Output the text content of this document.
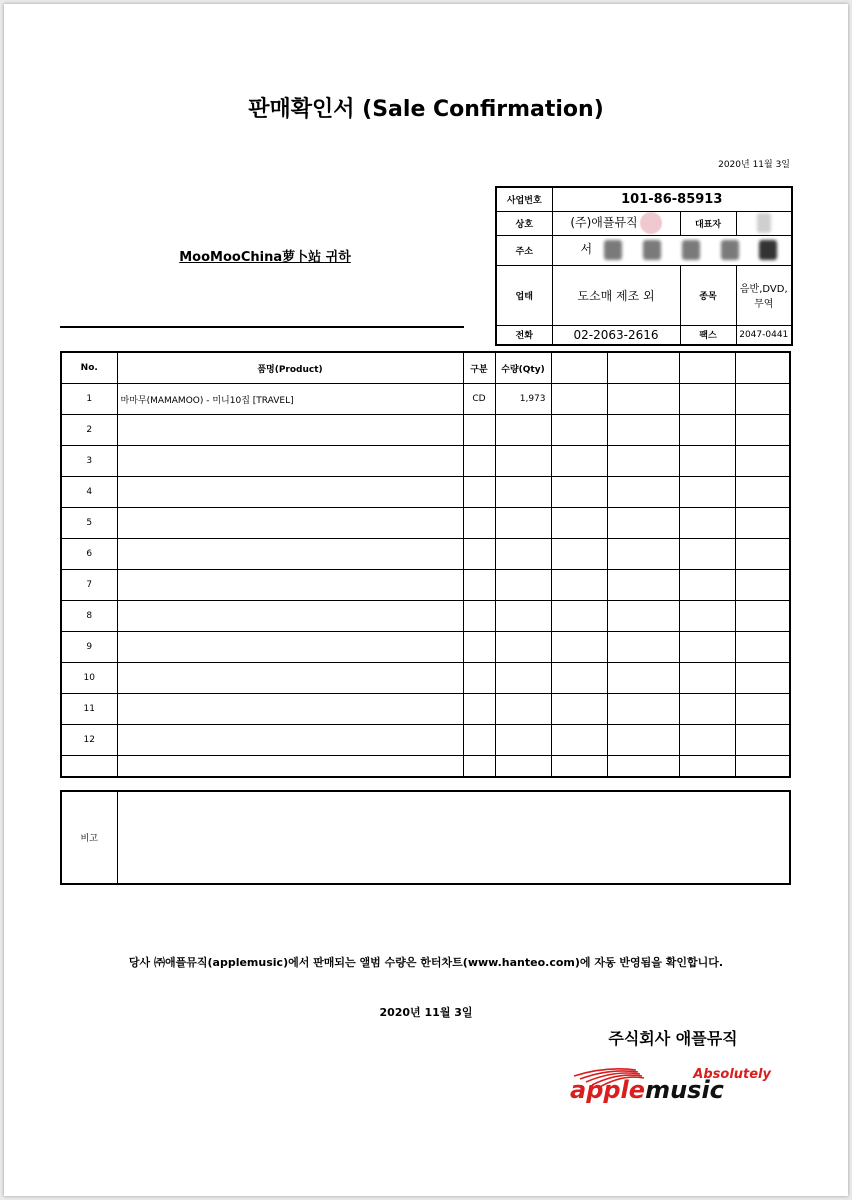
판매확인서 (Sale Confirmation)
2020년 11월 3일
MooMooChina萝卜站 귀하
사업번호	101-86-85913		
상호	(주)애플뮤직	대표자	
주소	서		
업태	도소매 제조 외	종목	음반,DVD,
무역
전화	02-2063-2616	팩스	2047-0441
No.	품명(Product)	구분	수량(Qty)				
1	마마무(MAMAMOO) - 미니10집 [TRAVEL]	CD	1,973				
2							
3							
4							
5							
6							
7							
8							
9							
10							
11							
12							

비고	
당사 ㈜애플뮤직(applemusic)에서 판매되는 앨범 수량은 한터차트(www.hanteo.com)에 자동 반영됨을 확인합니다.
2020년 11월 3일
주식회사 애플뮤직
Absolutely
applemusic
